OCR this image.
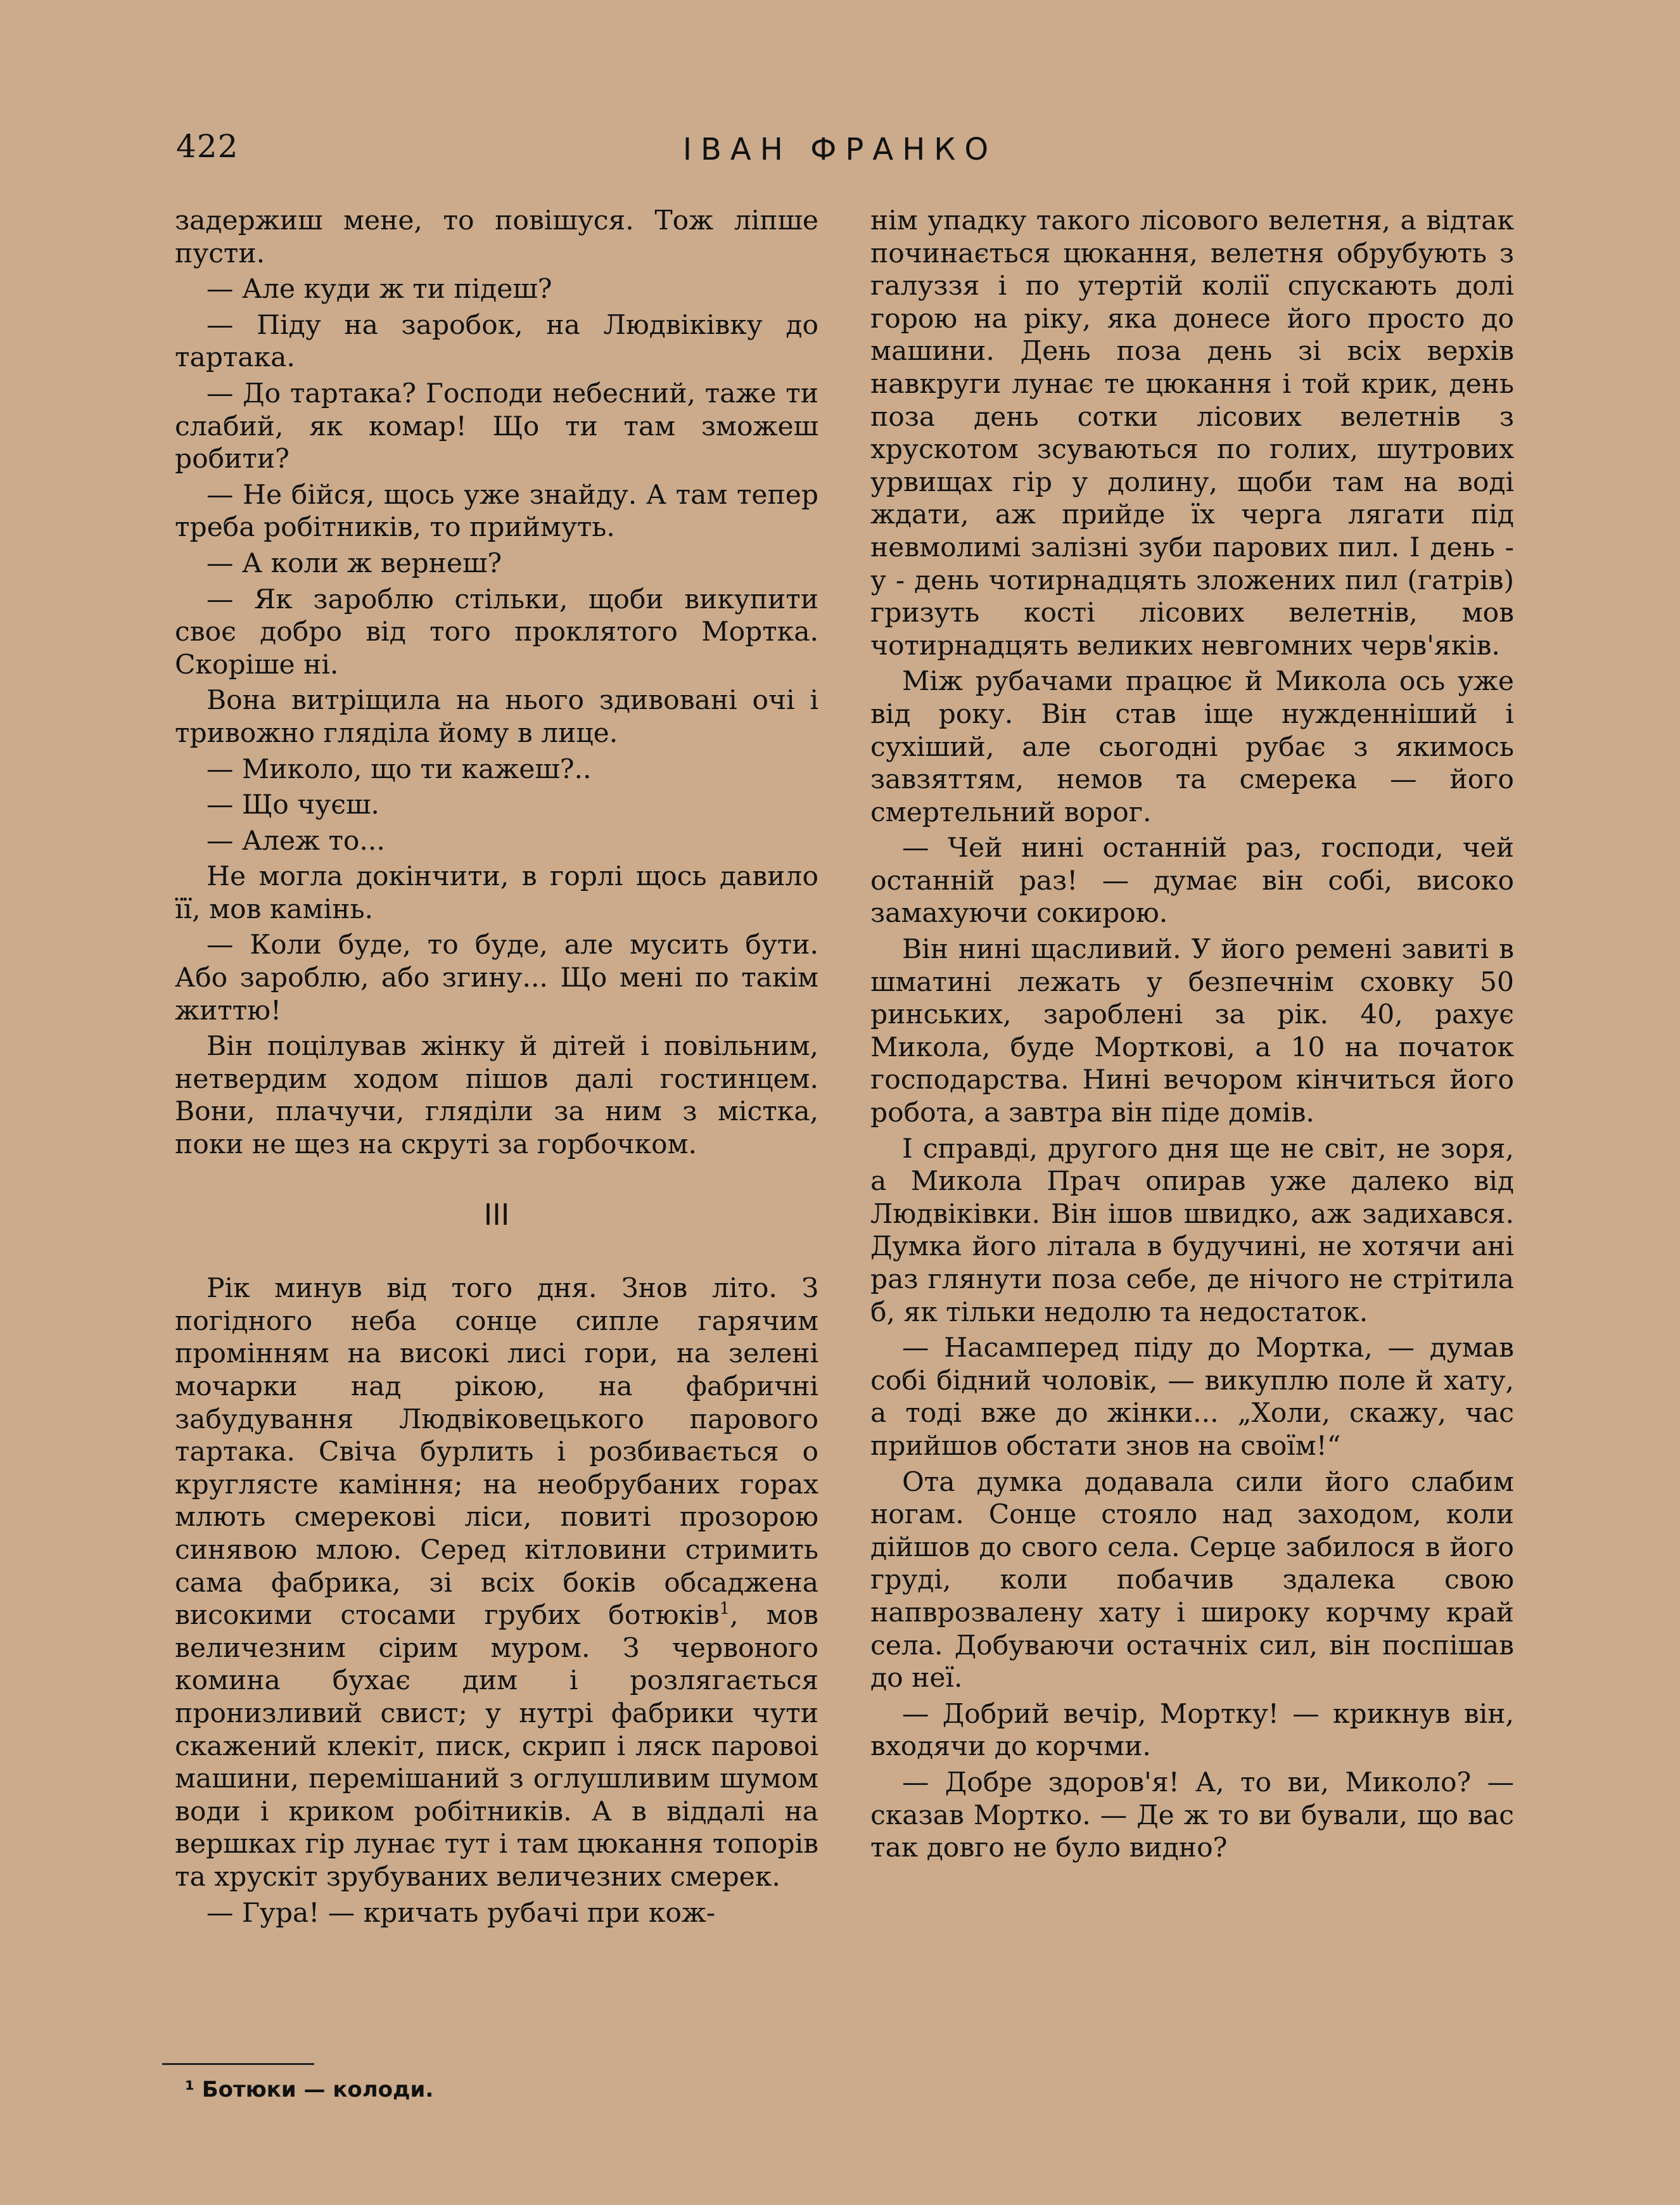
422	ІВАН ФРАНКО

задержиш мене, то повішуся. Тож ліпше пусти.

— Але куди ж ти підеш?

— Піду на заробок, на Людвіківку до тартака.

— До тартака? Господи небесний, таже ти слабий, як комар! Що ти там зможеш робити?

— Не бійся, щось уже знайду. А там тепер треба робітників, то приймуть.

— А коли ж вернеш?

— Як зароблю стільки, щоби викупити своє добро від того проклятого Мортка. Скоріше ні.

Вона витріщила на нього здивовані очі і тривожно гляділа йому в лице.

— Миколо, що ти кажеш?..

— Що чуєш.

— Алеж то...

Не могла докінчити, в горлі щось давило її, мов камінь.

— Коли буде, то буде, але мусить бути. Або зароблю, або згину... Що мені по такім життю!

Він поцілував жінку й дітей і повільним, нетвердим ходом пішов далі гостинцем. Вони, плачучи, гляділи за ним з містка, поки не щез на скруті за горбочком.

III

Рік минув від того дня. Знов літо. З погідного неба сонце сипле гарячим промінням на високі лисі гори, на зелені мочарки над рікою, на фабричні забудування Людвіковецького парового тартака. Свіча бурлить і розбивається о круглясте каміння; на необрубаних горах млють смерекові ліси, повиті прозорою синявою млою. Серед кітловини стримить сама фабрика, зі всіх боків обсаджена високими стосами грубих ботюків$^1$, мов величезним сірим муром. З червоного комина бухає дим і розлягається пронизливий свист; у нутрі фабрики чути скажений клекіт, писк, скрип і ляск паровоі машини, перемішаний з оглушливим шумом води і криком робітників. А в віддалі на вершках гір лунає тут і там цюкання топорів та хрускіт зрубуваних величезних смерек.

— Гура! — кричать рубачі при кож-

нім упадку такого лісового велетня, а відтак починається цюкання, велетня обрубують з галуззя і по утертій колії спускають долі горою на ріку, яка донесе його просто до машини. День поза день зі всіх верхів навкруги лунає те цюкання і той крик, день поза день сотки лісових велетнів з хрускотом зсуваються по голих, шутрових урвищах гір у долину, щоби там на воді ждати, аж прийде їх черга лягати під невмолимі залізні зуби парових пил. І день - у - день чотирнадцять зложених пил (гатрів) гризуть кості лісових велетнів, мов чотирнадцять великих невгомних черв'яків.

Між рубачами працює й Микола ось уже від року. Він став іще нужденніший і сухіший, але сьогодні рубає з якимось завзяттям, немов та смерека — його смертельний ворог.

— Чей нині останній раз, господи, чей останній раз! — думає він собі, високо замахуючи сокирою.

Він нині щасливий. У його ремені завиті в шматині лежать у безпечнім сховку 50 ринських, зароблені за рік. 40, рахує Микола, буде Морткові, а 10 на початок господарства. Нині вечором кінчиться його робота, а завтра він піде домів.

І справді, другого дня ще не світ, не зоря, а Микола Прач опирав уже далеко від Людвіківки. Він ішов швидко, аж задихався. Думка його літала в будучині, не хотячи ані раз глянути поза себе, де нічого не стрітила б, як тільки недолю та недостаток.

— Насамперед піду до Мортка, — думав собі бідний чоловік, — викуплю поле й хату, а тоді вже до жінки... „Холи, скажу, час прийшов обстати знов на своїм!“

Ота думка додавала сили його слабим ногам. Сонце стояло над заходом, коли дійшов до свого села. Серце забилося в його груді, коли побачив здалека свою напврозвалену хату і широку корчму край села. Добуваючи остачніх сил, він поспішав до неї.

— Добрий вечір, Мортку! — крикнув він, входячи до корчми.

— Добре здоров'я! А, то ви, Миколо? — сказав Мортко. — Де ж то ви бували, що вас так довго не було видно?

¹ Ботюки — колоди.
